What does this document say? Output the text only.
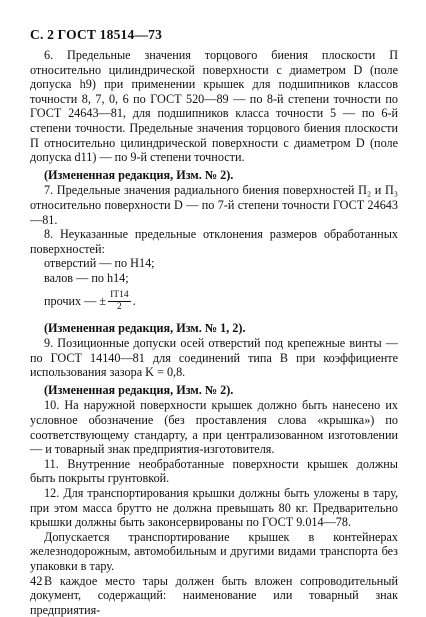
С. 2 ГОСТ 18514—73

6. Предельные значения торцового биения плоскости П относительно цилиндрической поверхности с диаметром D (поле допуска h9) при применении крышек для подшипников классов точности 8, 7, 0, 6 по ГОСТ 520—89 — по 8-й степени точности по ГОСТ 24643—81, для подшипников класса точности 5 — по 6-й степени точности. Предельные значения торцового биения плоскости П относительно цилиндрической поверхности с диаметром D (поле допуска d11) — по 9-й степени точности.

(Измененная редакция, Изм. № 2).

7. Предельные значения радиального биения поверхностей П₂ и П₃ относительно поверхности D — по 7-й степени точности ГОСТ 24643—81.

8. Неуказанные предельные отклонения размеров обработанных поверхностей:

отверстий — по H14;

валов — по h14;

прочих — ± $\frac{IT14}{2}$ .

(Измененная редакция, Изм. № 1, 2).

9. Позиционные допуски осей отверстий под крепежные винты — по ГОСТ 14140—81 для соединений типа В при коэффициенте использования зазора K = 0,8.

(Измененная редакция, Изм. № 2).

10. На наружной поверхности крышек должно быть нанесено их условное обозначение (без проставления слова «крышка») по соответствующему стандарту, а при централизованном изготовлении — и товарный знак предприятия-изготовителя.

11. Внутренние необработанные поверхности крышек должны быть покрыты грунтовкой.

12. Для транспортирования крышки должны быть уложены в тару, при этом масса брутто не должна превышать 80 кг. Предварительно крышки должны быть законсервированы по ГОСТ 9.014—78.

Допускается транспортирование крышек в контейнерах железнодорожным, автомобильным и другими видами транспорта без упаковки в тару.

В каждое место тары должен быть вложен сопроводительный документ, содержащий: наименование или товарный знак предприятия-

42
